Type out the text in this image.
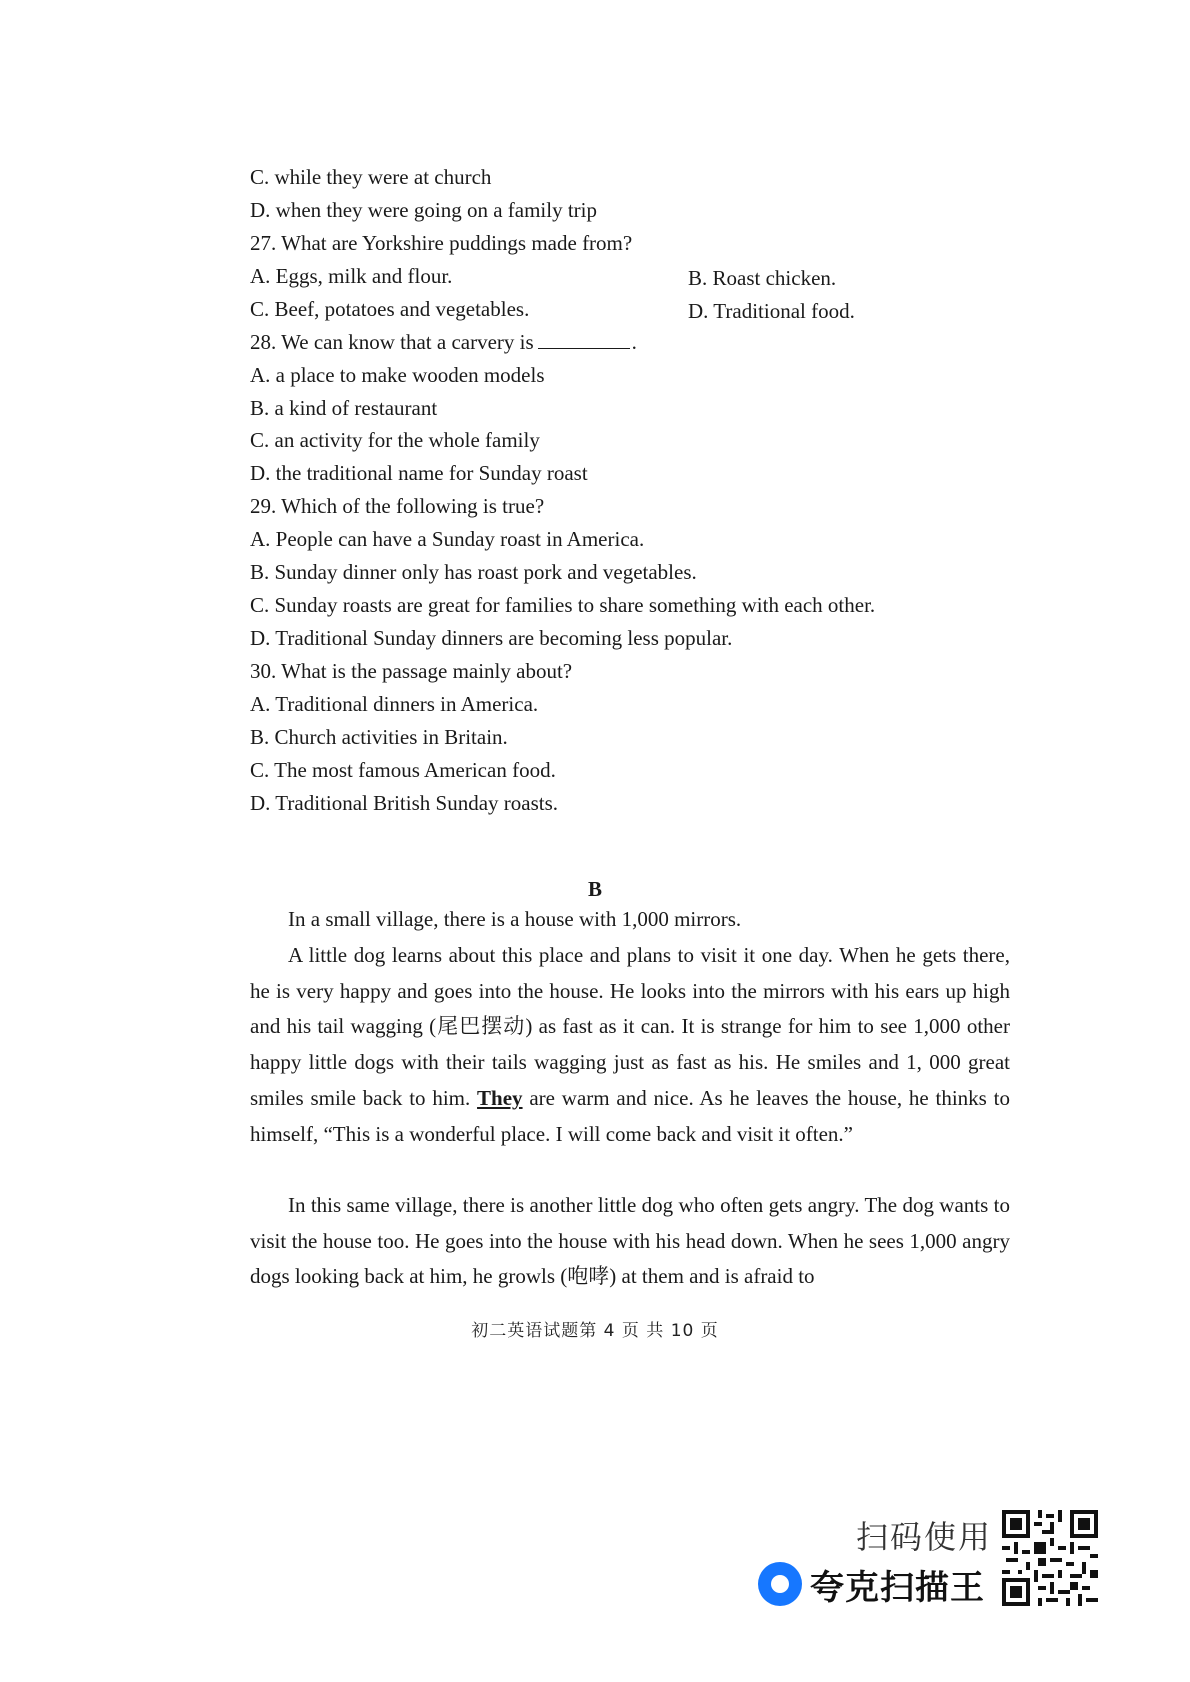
C. while they were at church
D. when they were going on a family trip
27. What are Yorkshire puddings made from?
A. Eggs, milk and flour.	B. Roast chicken.
C. Beef, potatoes and vegetables.	D. Traditional food.
28. We can know that a carvery is	.
A. a place to make wooden models
B. a kind of restaurant
C. an activity for the whole family
D. the traditional name for Sunday roast
29. Which of the following is true?
A. People can have a Sunday roast in America.
B. Sunday dinner only has roast pork and vegetables.
C. Sunday roasts are great for families to share something with each other.
D. Traditional Sunday dinners are becoming less popular.
30. What is the passage mainly about?
A. Traditional dinners in America.
B. Church activities in Britain.
C. The most famous American food.
D. Traditional British Sunday roasts.
B

In a small village, there is a house with 1,000 mirrors.

A little dog learns about this place and plans to visit it one day. When he gets there, he is very happy and goes into the house. He looks into the mirrors with his ears up high and his tail wagging (尾巴摆动) as fast as it can. It is strange for him to see 1,000 other happy little dogs with their tails wagging just as fast as his. He smiles and 1, 000 great smiles smile back to him. They are warm and nice. As he leaves the house, he thinks to himself, “This is a wonderful place. I will come back and visit it often.”

In this same village, there is another little dog who often gets angry. The dog wants to visit the house too. He goes into the house with his head down. When he sees 1,000 angry dogs looking back at him, he growls (咆哮) at them and is afraid to

初二英语试题第 4 页 共 10 页
扫码使用
夸克扫描王
